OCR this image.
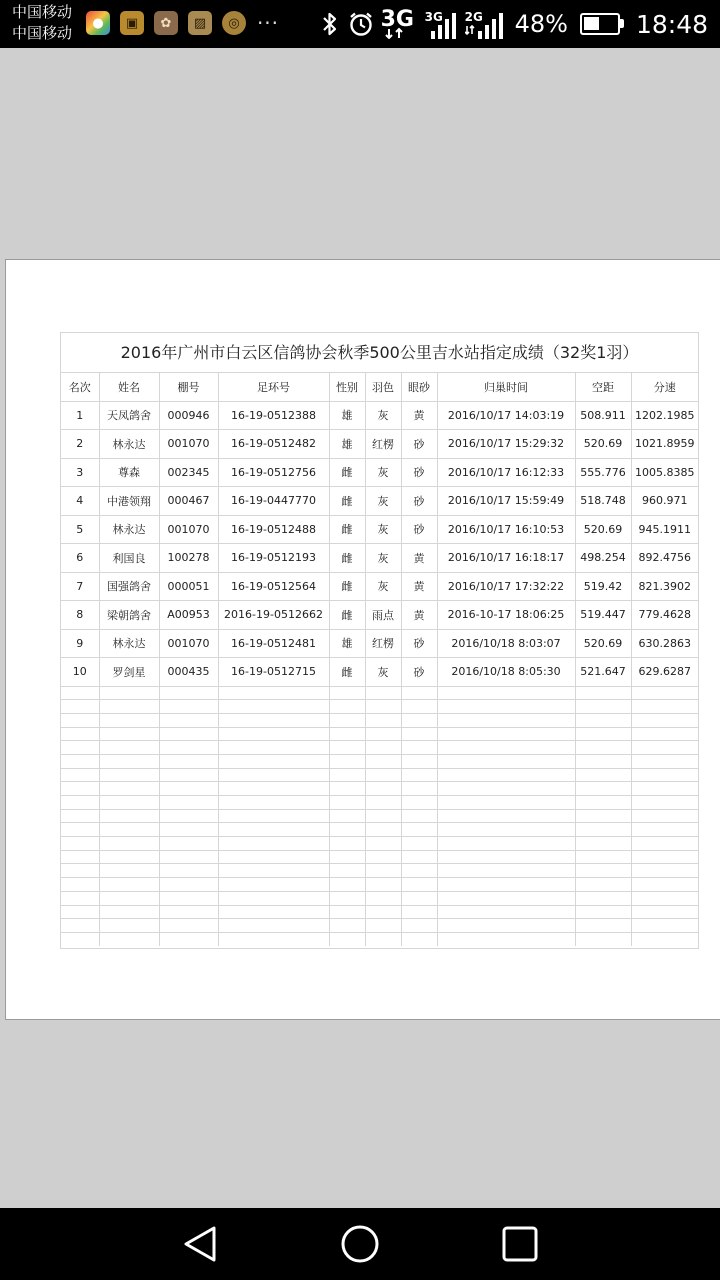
中国移动
中国移动
●	▣	✿	▨	◎ ···	3G 3G 2G 48%	18:48
2016年广州市白云区信鸽协会秋季500公里吉水站指定成绩（32奖1羽）
名次	姓名	棚号	足环号	性别	羽色	眼砂	归巢时间	空距	分速
1	天凤鸽舍	000946	16-19-0512388	雄	灰	黄	2016/10/17 14:03:19	508.911	1202.1985
2	林永达	001070	16-19-0512482	雄	红楞	砂	2016/10/17 15:29:32	520.69	1021.8959
3	尊森	002345	16-19-0512756	雌	灰	砂	2016/10/17 16:12:33	555.776	1005.8385
4	中港领翔	000467	16-19-0447770	雌	灰	砂	2016/10/17 15:59:49	518.748	960.971
5	林永达	001070	16-19-0512488	雌	灰	砂	2016/10/17 16:10:53	520.69	945.1911
6	利国良	100278	16-19-0512193	雌	灰	黄	2016/10/17 16:18:17	498.254	892.4756
7	国强鸽舍	000051	16-19-0512564	雌	灰	黄	2016/10/17 17:32:22	519.42	821.3902
8	梁朝鸽舍	A00953	2016-19-0512662	雌	雨点	黄	2016-10-17 18:06:25	519.447	779.4628
9	林永达	001070	16-19-0512481	雄	红楞	砂	2016/10/18 8:03:07	520.69	630.2863
10	罗剑星	000435	16-19-0512715	雌	灰	砂	2016/10/18 8:05:30	521.647	629.6287
